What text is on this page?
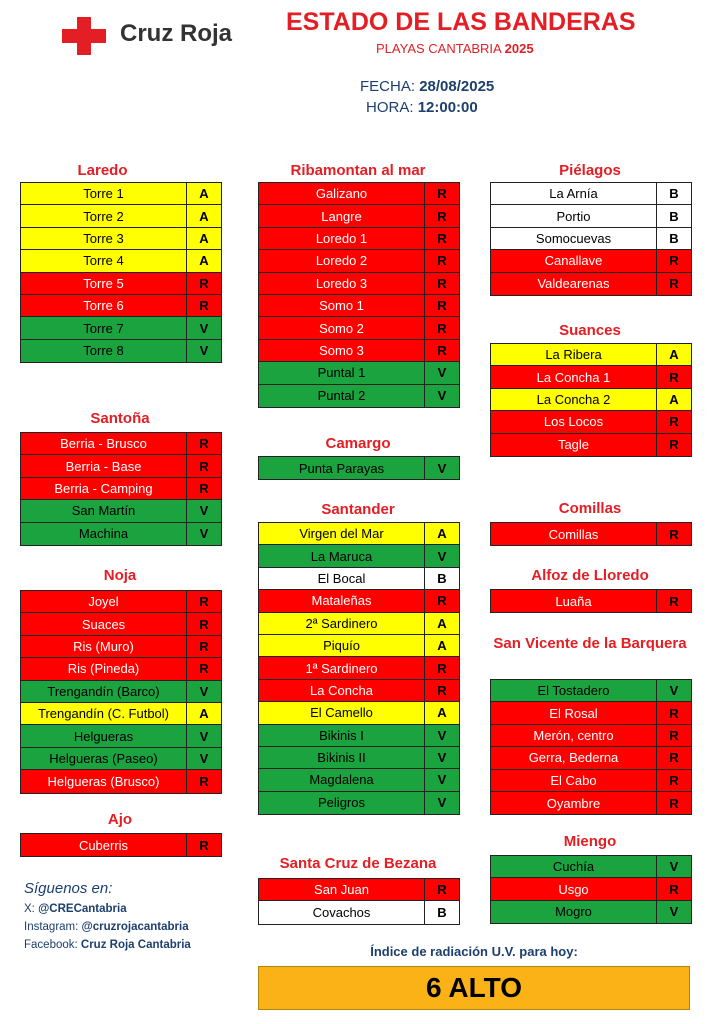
Cruz Roja ESTADO DE LAS BANDERAS
PLAYAS CANTABRIA 2025
FECHA: 28/08/2025
HORA: 12:00:00
Laredo
Torre 1	A
Torre 2	A
Torre 3	A
Torre 4	A
Torre 5	R
Torre 6	R
Torre 7	V
Torre 8	V
Santoña
Berria - Brusco	R
Berria - Base	R
Berria - Camping	R
San Martín	V
Machina	V
Noja
Joyel	R
Suaces	R
Ris (Muro)	R
Ris (Pineda)	R
Trengandín (Barco)	V
Trengandín (C. Futbol)	A
Helgueras	V
Helgueras (Paseo)	V
Helgueras (Brusco)	R
Ajo
Cuberris	R
Ribamontan al mar
Galizano	R
Langre	R
Loredo 1	R
Loredo 2	R
Loredo 3	R
Somo 1	R
Somo 2	R
Somo 3	R
Puntal 1	V
Puntal 2	V
Camargo
Punta Parayas	V
Santander
Virgen del Mar	A
La Maruca	V
El Bocal	B
Mataleñas	R
2ª Sardinero	A
Piquío	A
1ª Sardinero	R
La Concha	R
El Camello	A
Bikinis I	V
Bikinis II	V
Magdalena	V
Peligros	V
Santa Cruz de Bezana
San Juan	R
Covachos	B
Piélagos
La Arnía	B
Portio	B
Somocuevas	B
Canallave	R
Valdearenas	R
Suances
La Ribera	A
La Concha 1	R
La Concha 2	A
Los Locos	R
Tagle	R
Comillas
Comillas	R
Alfoz de Lloredo
Luaña	R
San Vicente de la Barquera
El Tostadero	V
El Rosal	R
Merón, centro	R
Gerra, Bederna	R
El Cabo	R
Oyambre	R
Miengo
Cuchía	V
Usgo	R
Mogro	V
Síguenos en:
X: @CRECantabria
Instagram: @cruzrojacantabria
Facebook: Cruz Roja Cantabria	Índice de radiación U.V. para hoy:
6 ALTO
